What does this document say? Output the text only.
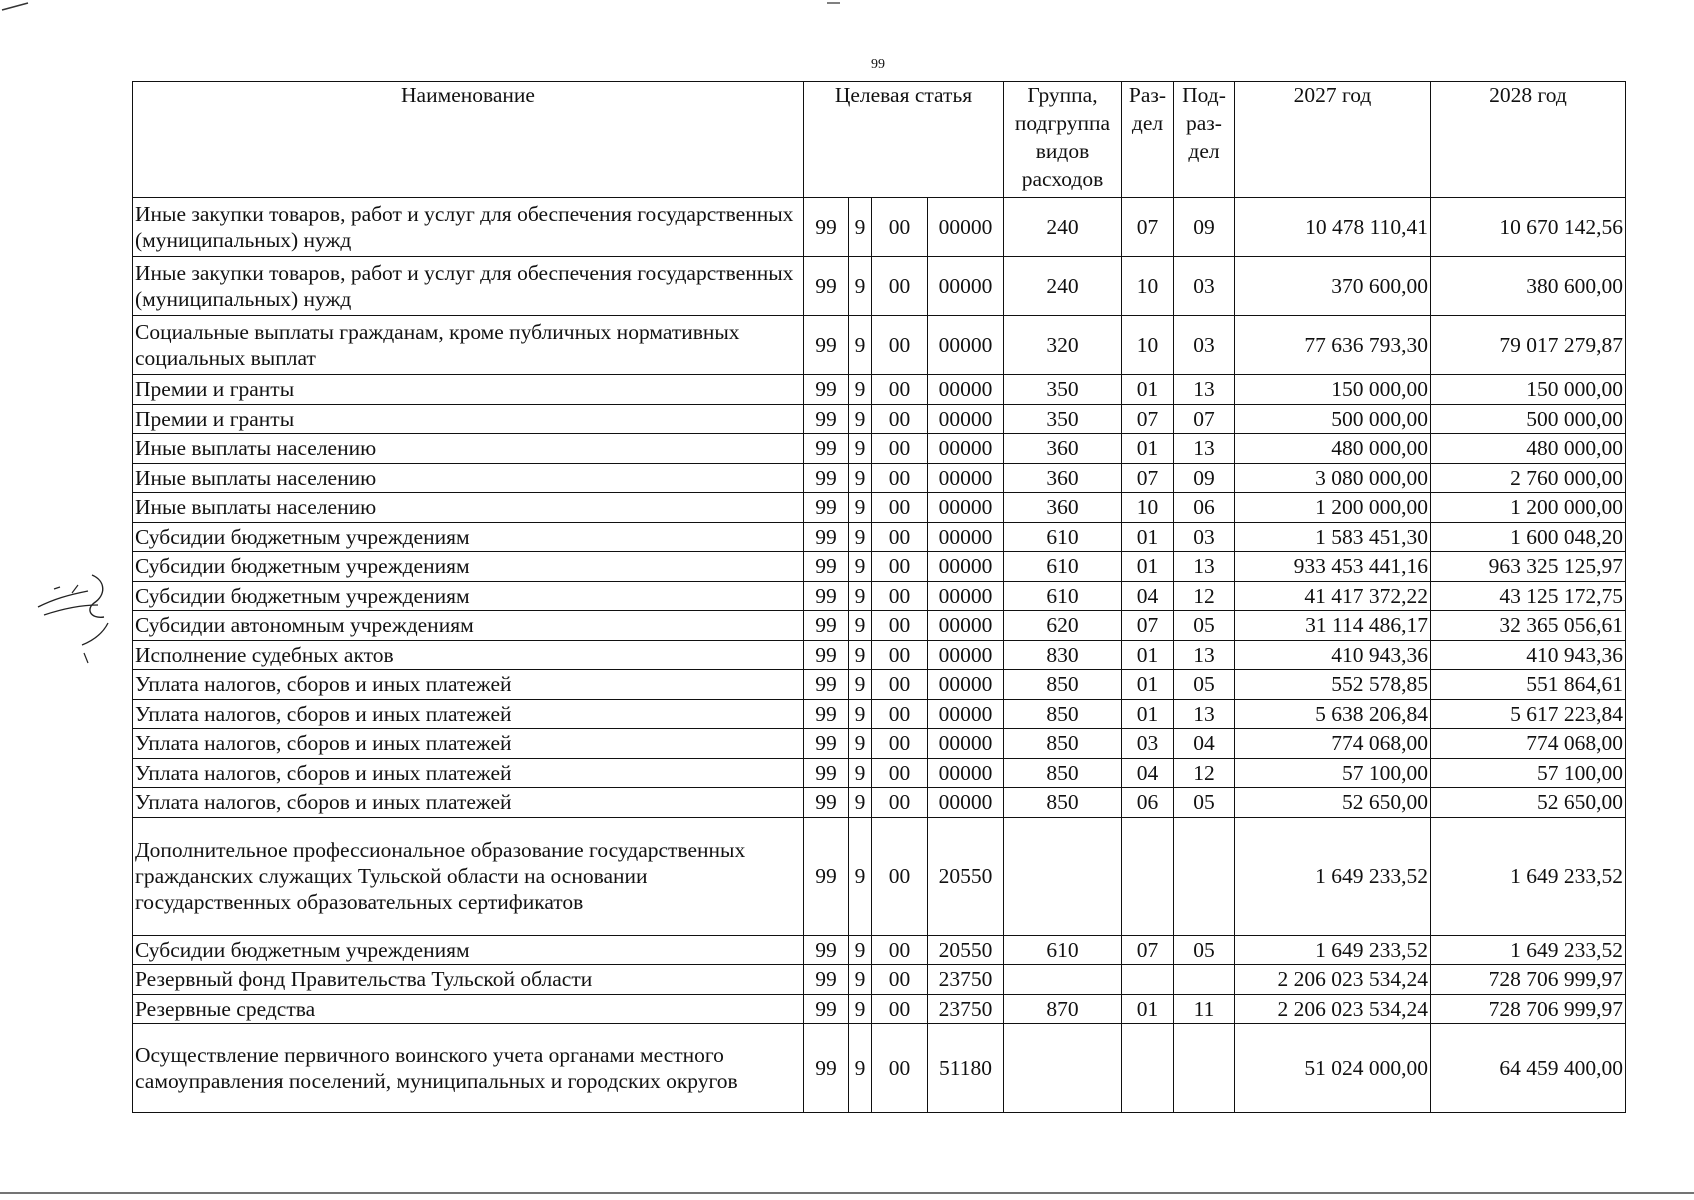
99
Наименование	Целевая статья				Группа, подгруппа видов расходов	Раз- дел	Под- раз- дел	2027 год	2028 год
Иные закупки товаров, работ и услуг для обеспечения государственных (муниципальных) нужд	99	9	00	00000	240	07	09	10 478 110,41	10 670 142,56
Иные закупки товаров, работ и услуг для обеспечения государственных (муниципальных) нужд	99	9	00	00000	240	10	03	370 600,00	380 600,00
Социальные выплаты гражданам, кроме публичных нормативных социальных выплат	99	9	00	00000	320	10	03	77 636 793,30	79 017 279,87
Премии и гранты	99	9	00	00000	350	01	13	150 000,00	150 000,00
Премии и гранты	99	9	00	00000	350	07	07	500 000,00	500 000,00
Иные выплаты населению	99	9	00	00000	360	01	13	480 000,00	480 000,00
Иные выплаты населению	99	9	00	00000	360	07	09	3 080 000,00	2 760 000,00
Иные выплаты населению	99	9	00	00000	360	10	06	1 200 000,00	1 200 000,00
Субсидии бюджетным учреждениям	99	9	00	00000	610	01	03	1 583 451,30	1 600 048,20
Субсидии бюджетным учреждениям	99	9	00	00000	610	01	13	933 453 441,16	963 325 125,97
Субсидии бюджетным учреждениям	99	9	00	00000	610	04	12	41 417 372,22	43 125 172,75
Субсидии автономным учреждениям	99	9	00	00000	620	07	05	31 114 486,17	32 365 056,61
Исполнение судебных актов	99	9	00	00000	830	01	13	410 943,36	410 943,36
Уплата налогов, сборов и иных платежей	99	9	00	00000	850	01	05	552 578,85	551 864,61
Уплата налогов, сборов и иных платежей	99	9	00	00000	850	01	13	5 638 206,84	5 617 223,84
Уплата налогов, сборов и иных платежей	99	9	00	00000	850	03	04	774 068,00	774 068,00
Уплата налогов, сборов и иных платежей	99	9	00	00000	850	04	12	57 100,00	57 100,00
Уплата налогов, сборов и иных платежей	99	9	00	00000	850	06	05	52 650,00	52 650,00
Дополнительное профессиональное образование государственных гражданских служащих Тульской области на основании государственных образовательных сертификатов	99	9	00	20550				1 649 233,52	1 649 233,52
Субсидии бюджетным учреждениям	99	9	00	20550	610	07	05	1 649 233,52	1 649 233,52
Резервный фонд Правительства Тульской области	99	9	00	23750				2 206 023 534,24	728 706 999,97
Резервные средства	99	9	00	23750	870	01	11	2 206 023 534,24	728 706 999,97
Осуществление первичного воинского учета органами местного самоуправления поселений, муниципальных и городских округов	99	9	00	51180				51 024 000,00	64 459 400,00
